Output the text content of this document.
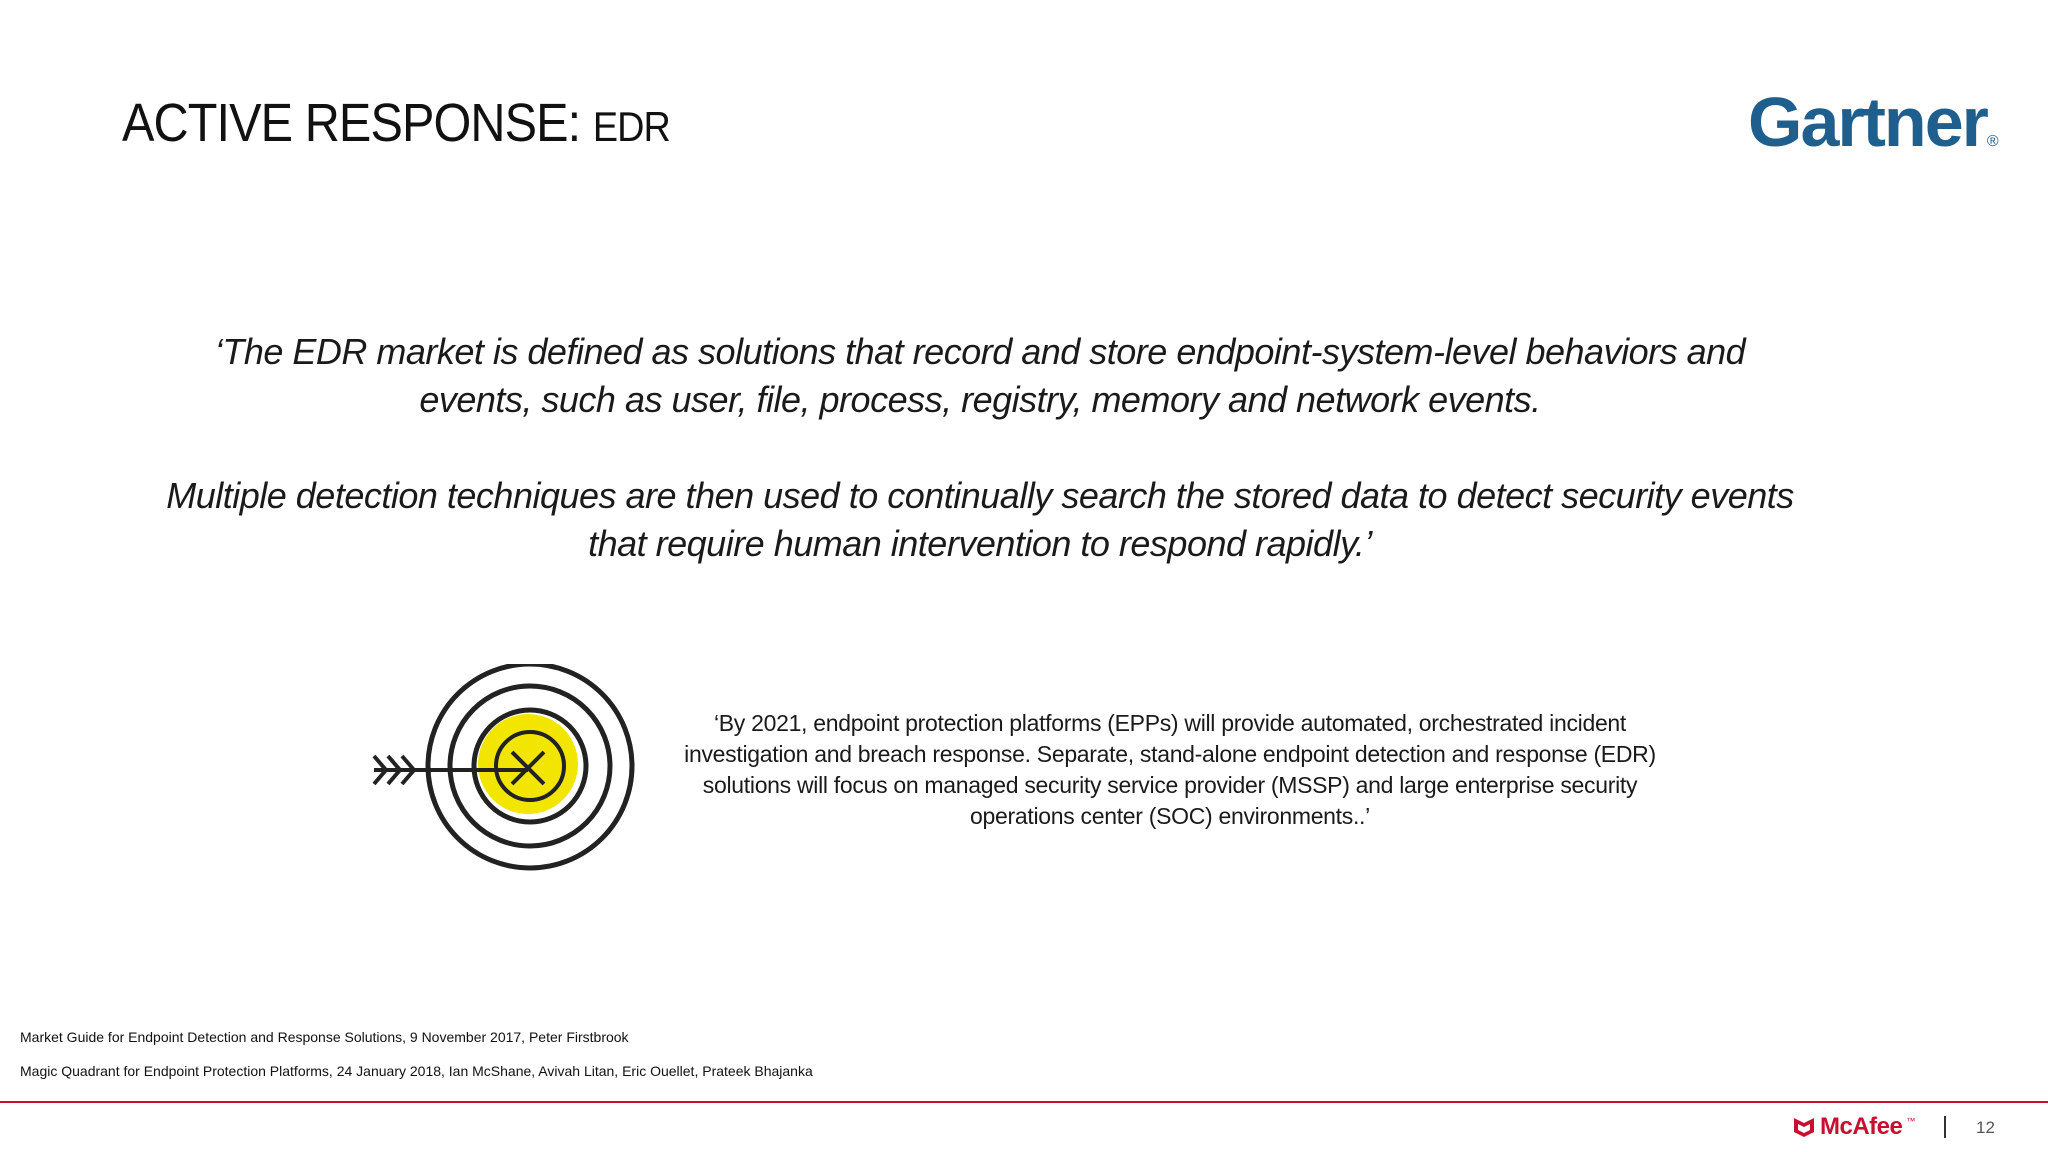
ACTIVE RESPONSE: EDR	Gartner®

‘The EDR market is defined as solutions that record and store endpoint-system-level behaviors and events, such as user, file, process, registry, memory and network events.

Multiple detection techniques are then used to continually search the stored data to detect security events that require human intervention to respond rapidly.’

‘By 2021, endpoint protection platforms (EPPs) will provide automated, orchestrated incident investigation and breach response. Separate, stand-alone endpoint detection and response (EDR) solutions will focus on managed security service provider (MSSP) and large enterprise security operations center (SOC) environments..’

Market Guide for Endpoint Detection and Response Solutions, 9 November 2017, Peter Firstbrook
Magic Quadrant for Endpoint Protection Platforms, 24 January 2018, Ian McShane, Avivah Litan, Eric Ouellet, Prateek Bhajanka
McAfee ™	12
